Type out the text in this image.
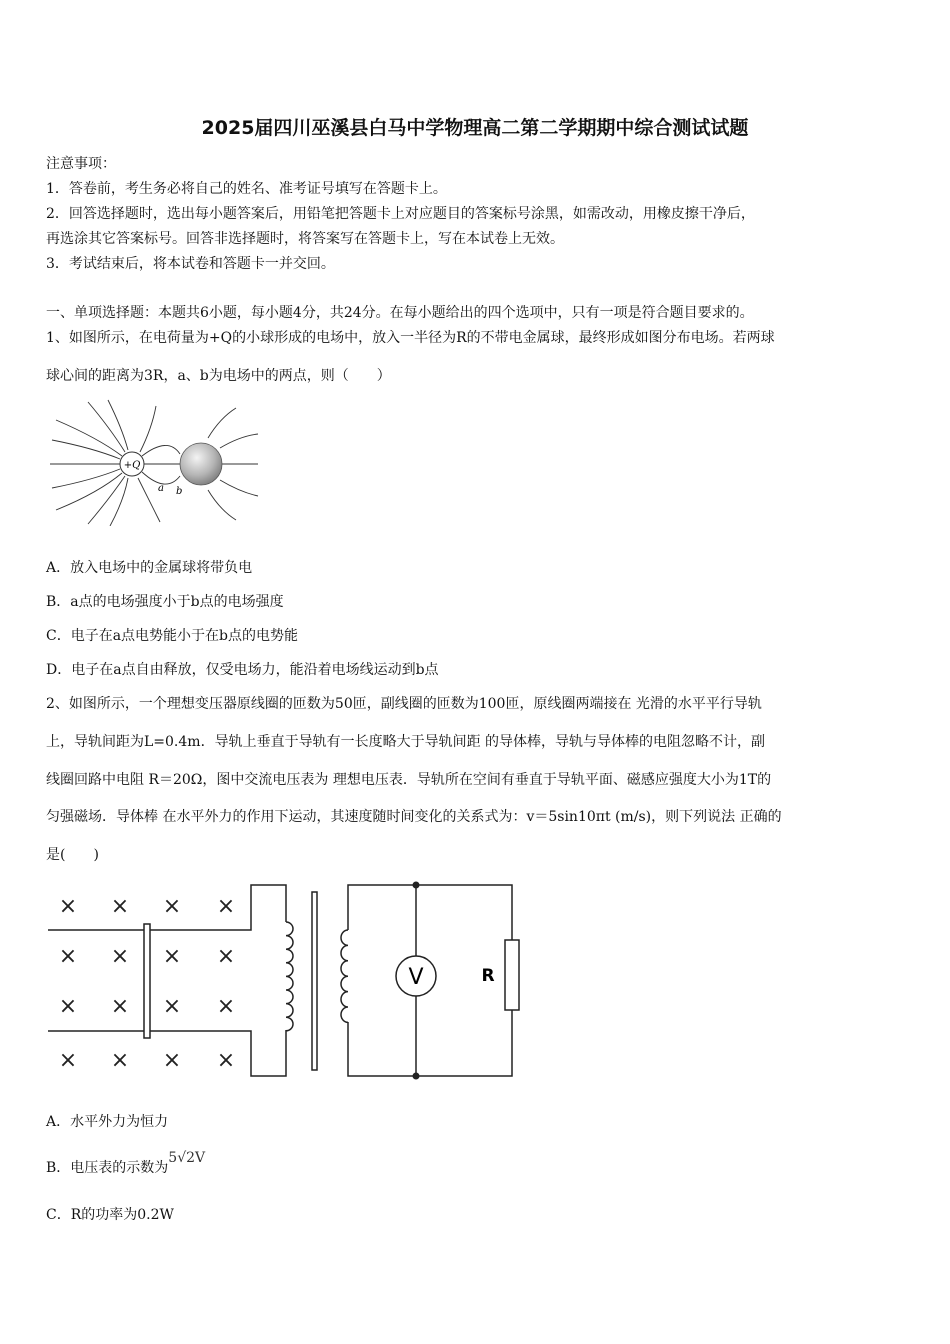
2025届四川巫溪县白马中学物理高二第二学期期中综合测试试题
注意事项：
1．答卷前，考生务必将自己的姓名、准考证号填写在答题卡上。
2．回答选择题时，选出每小题答案后，用铅笔把答题卡上对应题目的答案标号涂黑，如需改动，用橡皮擦干净后，
再选涂其它答案标号。回答非选择题时，将答案写在答题卡上，写在本试卷上无效。
3．考试结束后，将本试卷和答题卡一并交回。
一、单项选择题：本题共6小题，每小题4分，共24分。在每小题给出的四个选项中，只有一项是符合题目要求的。
1、如图所示，在电荷量为+Q的小球形成的电场中，放入一半径为R的不带电金属球，最终形成如图分布电场。若两球
球心间的距离为3R，a、b为电场中的两点，则（　　）
+Q
a b
A．放入电场中的金属球将带负电
B．a点的电场强度小于b点的电场强度
C．电子在a点电势能小于在b点的电势能
D．电子在a点自由释放，仅受电场力，能沿着电场线运动到b点
2、如图所示，一个理想变压器原线圈的匝数为50匝，副线圈的匝数为100匝，原线圈两端接在 光滑的水平平行导轨
上，导轨间距为L=0.4m．导轨上垂直于导轨有一长度略大于导轨间距 的导体棒，导轨与导体棒的电阻忽略不计，副
线圈回路中电阻 R＝20Ω，图中交流电压表为 理想电压表．导轨所在空间有垂直于导轨平面、磁感应强度大小为1T的
匀强磁场．导体棒 在水平外力的作用下运动，其速度随时间变化的关系式为：v＝5sin10πt (m/s)，则下列说法 正确的
是(　　)
× × × ×
× × × ×
× × × ×
× × × ×
V	R
A．水平外力为恒力
B．电压表的示数为5√2V
C．R的功率为0.2W
